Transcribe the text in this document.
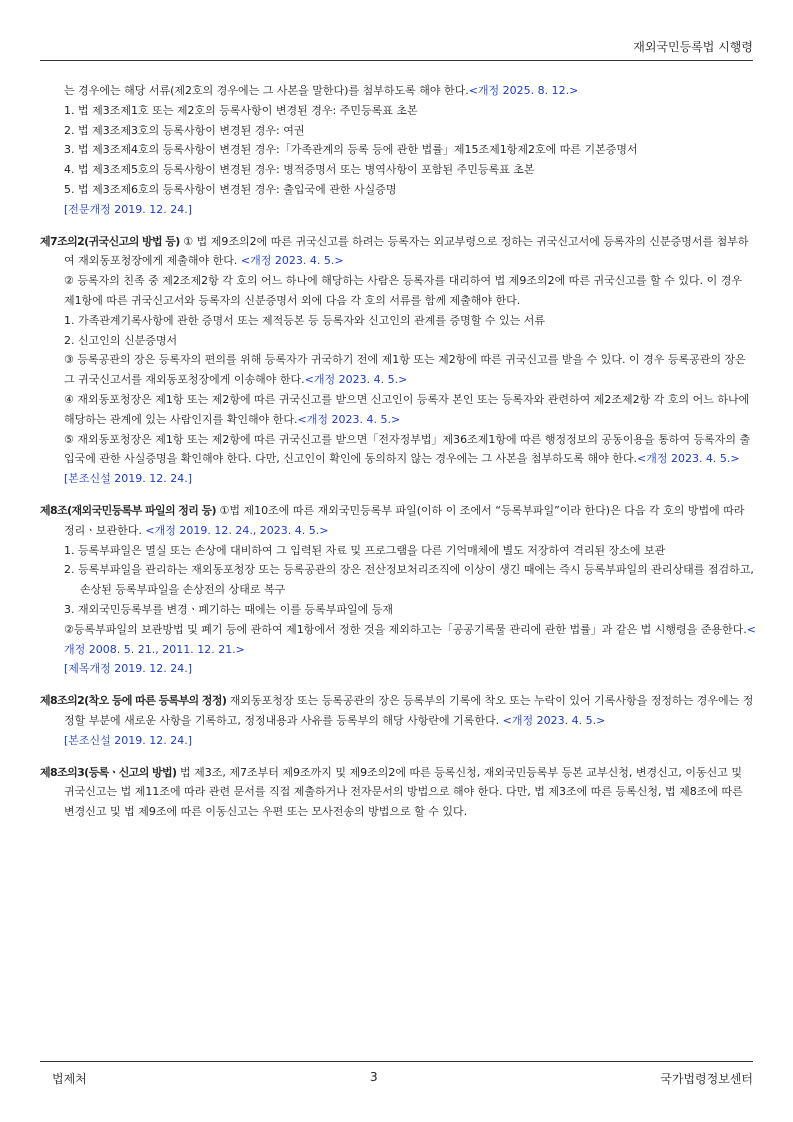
재외국민등록법 시행령
는 경우에는 해당 서류(제2호의 경우에는 그 사본을 말한다)를 첨부하도록 해야 한다.<개정 2025. 8. 12.>
1. 법 제3조제1호 또는 제2호의 등록사항이 변경된 경우: 주민등록표 초본
2. 법 제3조제3호의 등록사항이 변경된 경우: 여권
3. 법 제3조제4호의 등록사항이 변경된 경우:「가족관계의 등록 등에 관한 법률」제15조제1항제2호에 따른 기본증명서
4. 법 제3조제5호의 등록사항이 변경된 경우: 병적증명서 또는 병역사항이 포함된 주민등록표 초본
5. 법 제3조제6호의 등록사항이 변경된 경우: 출입국에 관한 사실증명
[전문개정 2019. 12. 24.]
제7조의2(귀국신고의 방법 등) ① 법 제9조의2에 따른 귀국신고를 하려는 등록자는 외교부령으로 정하는 귀국신고서에 등록자의 신분증명서를 첨부하여 재외동포청장에게 제출해야 한다. <개정 2023. 4. 5.>
② 등록자의 친족 중 제2조제2항 각 호의 어느 하나에 해당하는 사람은 등록자를 대리하여 법 제9조의2에 따른 귀국신고를 할 수 있다. 이 경우 제1항에 따른 귀국신고서와 등록자의 신분증명서 외에 다음 각 호의 서류를 함께 제출해야 한다.
1. 가족관계기록사항에 관한 증명서 또는 제적등본 등 등록자와 신고인의 관계를 증명할 수 있는 서류
2. 신고인의 신분증명서
③ 등록공관의 장은 등록자의 편의를 위해 등록자가 귀국하기 전에 제1항 또는 제2항에 따른 귀국신고를 받을 수 있다. 이 경우 등록공관의 장은 그 귀국신고서를 재외동포청장에게 이송해야 한다.<개정 2023. 4. 5.>
④ 재외동포청장은 제1항 또는 제2항에 따른 귀국신고를 받으면 신고인이 등록자 본인 또는 등록자와 관련하여 제2조제2항 각 호의 어느 하나에 해당하는 관계에 있는 사람인지를 확인해야 한다.<개정 2023. 4. 5.>
⑤ 재외동포청장은 제1항 또는 제2항에 따른 귀국신고를 받으면「전자정부법」제36조제1항에 따른 행정정보의 공동이용을 통하여 등록자의 출입국에 관한 사실증명을 확인해야 한다. 다만, 신고인이 확인에 동의하지 않는 경우에는 그 사본을 첨부하도록 해야 한다.<개정 2023. 4. 5.>
[본조신설 2019. 12. 24.]
제8조(재외국민등록부 파일의 정리 등) ①법 제10조에 따른 재외국민등록부 파일(이하 이 조에서 “등록부파일”이라 한다)은 다음 각 호의 방법에 따라 정리ㆍ보관한다. <개정 2019. 12. 24., 2023. 4. 5.>
1. 등록부파일은 멸실 또는 손상에 대비하여 그 입력된 자료 및 프로그램을 다른 기억매체에 별도 저장하여 격리된 장소에 보관
2. 등록부파일을 관리하는 재외동포청장 또는 등록공관의 장은 전산정보처리조직에 이상이 생긴 때에는 즉시 등록부파일의 관리상태를 점검하고, 손상된 등록부파일을 손상전의 상태로 복구
3. 재외국민등록부를 변경ㆍ폐기하는 때에는 이를 등록부파일에 등재
②등록부파일의 보관방법 및 폐기 등에 관하여 제1항에서 정한 것을 제외하고는「공공기록물 관리에 관한 법률」과 같은 법 시행령을 준용한다.<개정 2008. 5. 21., 2011. 12. 21.>
[제목개정 2019. 12. 24.]
제8조의2(착오 등에 따른 등록부의 정정) 재외동포청장 또는 등록공관의 장은 등록부의 기록에 착오 또는 누락이 있어 기록사항을 정정하는 경우에는 정정할 부분에 새로운 사항을 기록하고, 정정내용과 사유를 등록부의 해당 사항란에 기록한다. <개정 2023. 4. 5.>
[본조신설 2019. 12. 24.]
제8조의3(등록ㆍ신고의 방법) 법 제3조, 제7조부터 제9조까지 및 제9조의2에 따른 등록신청, 재외국민등록부 등본 교부신청, 변경신고, 이동신고 및 귀국신고는 법 제11조에 따라 관련 문서를 직접 제출하거나 전자문서의 방법으로 해야 한다. 다만, 법 제3조에 따른 등록신청, 법 제8조에 따른 변경신고 및 법 제9조에 따른 이동신고는 우편 또는 모사전송의 방법으로 할 수 있다.
법제처	3	국가법령정보센터
